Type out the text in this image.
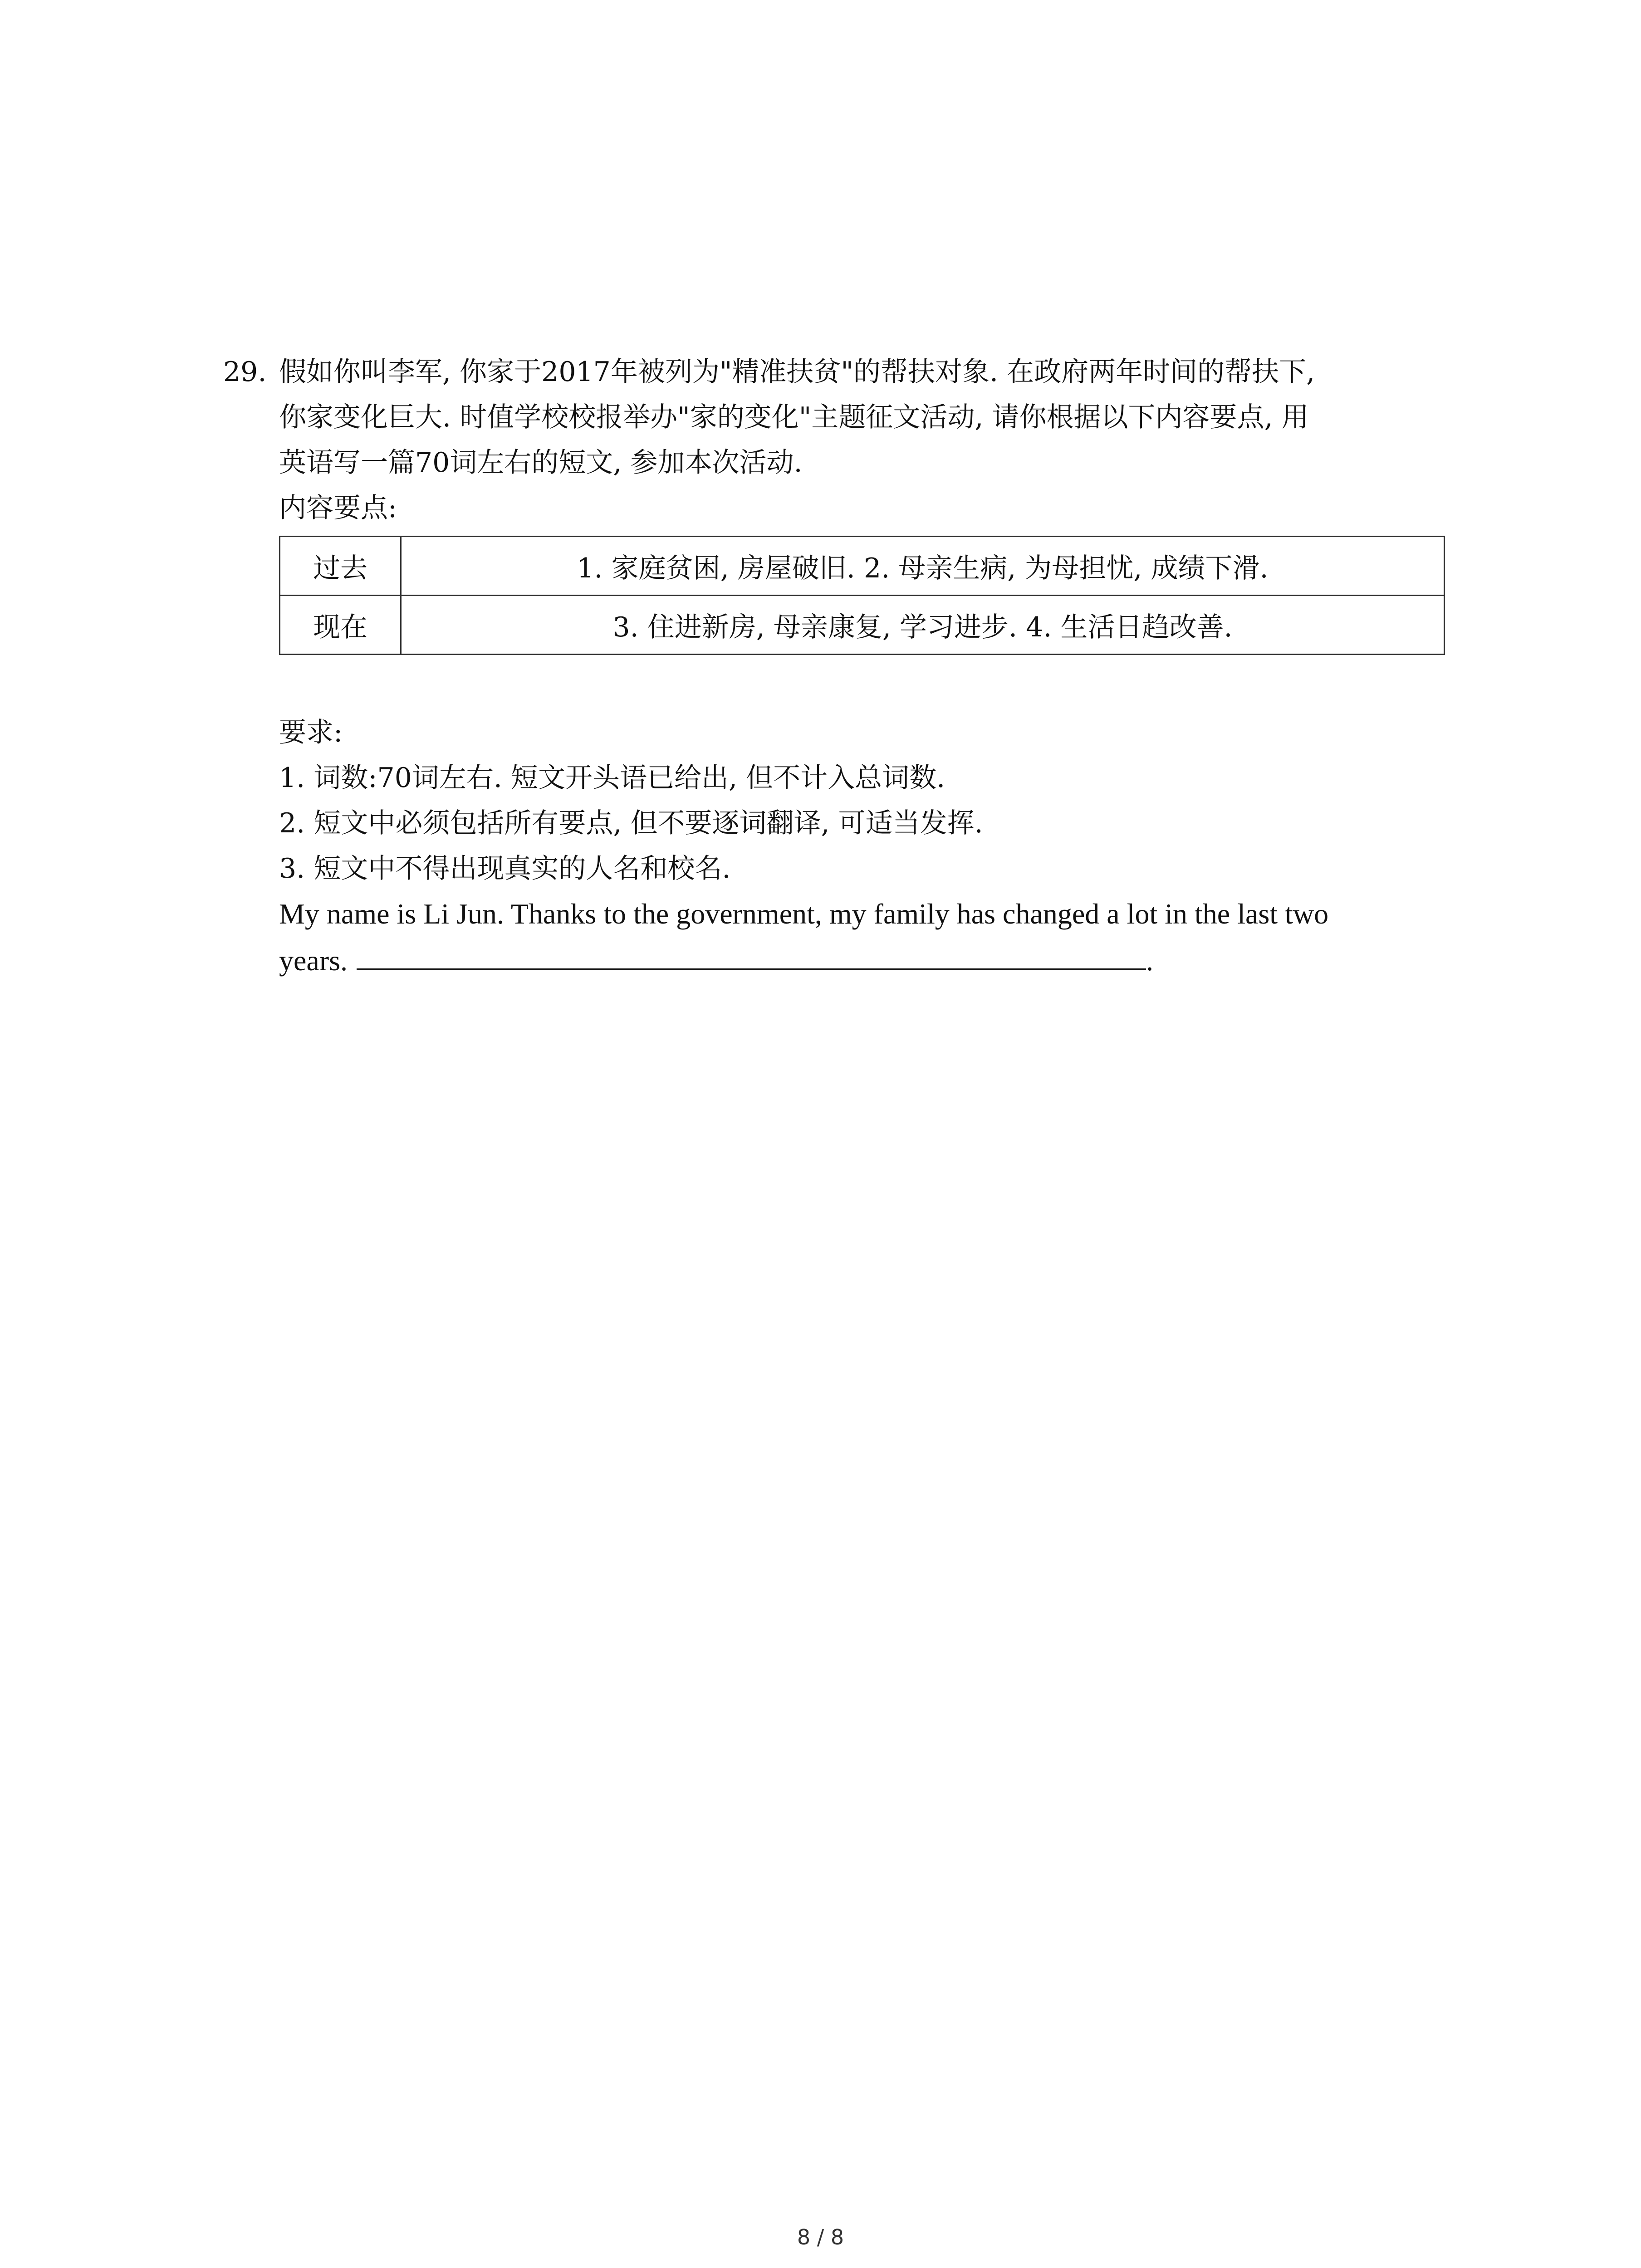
29. 假如你叫李军, 你家于2017年被列为"精准扶贫"的帮扶对象. 在政府两年时间的帮扶下,
你家变化巨大. 时值学校校报举办"家的变化"主题征文活动, 请你根据以下内容要点, 用
英语写一篇70词左右的短文, 参加本次活动.
内容要点:
过去	1. 家庭贫困, 房屋破旧. 2. 母亲生病, 为母担忧, 成绩下滑.
现在	3. 住进新房, 母亲康复, 学习进步. 4. 生活日趋改善.
要求:
1. 词数:70词左右. 短文开头语已给出, 但不计入总词数.
2. 短文中必须包括所有要点, 但不要逐词翻译, 可适当发挥.
3. 短文中不得出现真实的人名和校名.
My name is Li Jun. Thanks to the government, my family has changed a lot in the last two
years.	.
8 / 8
